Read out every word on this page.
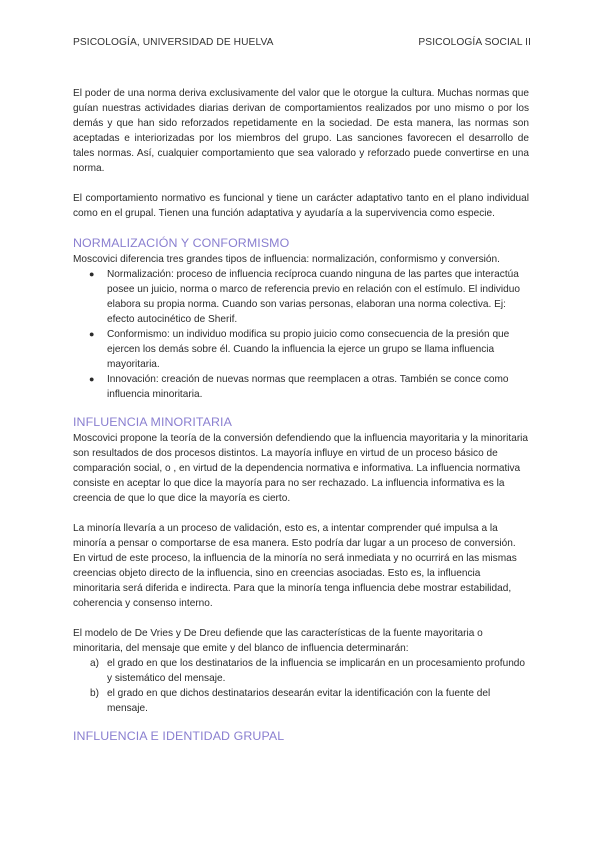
PSICOLOGÍA, UNIVERSIDAD DE HUELVA	PSICOLOGÍA SOCIAL II

El poder de una norma deriva exclusivamente del valor que le otorgue la cultura. Muchas normas que guían nuestras actividades diarias derivan de comportamientos realizados por uno mismo o por los demás y que han sido reforzados repetidamente en la sociedad. De esta manera, las normas son aceptadas e interiorizadas por los miembros del grupo. Las sanciones favorecen el desarrollo de tales normas. Así, cualquier comportamiento que sea valorado y reforzado puede convertirse en una norma.

El comportamiento normativo es funcional y tiene un carácter adaptativo tanto en el plano individual como en el grupal. Tienen una función adaptativa y ayudaría a la supervivencia como especie.

NORMALIZACIÓN Y CONFORMISMO

Moscovici diferencia tres grandes tipos de influencia: normalización, conformismo y conversión.

● Normalización: proceso de influencia recíproca cuando ninguna de las partes que interactúa posee un juicio, norma o marco de referencia previo en relación con el estímulo. El individuo elabora su propia norma. Cuando son varias personas, elaboran una norma colectiva. Ej: efecto autocinético de Sherif.
● Conformismo: un individuo modifica su propio juicio como consecuencia de la presión que ejercen los demás sobre él. Cuando la influencia la ejerce un grupo se llama influencia mayoritaria.
● Innovación: creación de nuevas normas que reemplacen a otras. También se conce como influencia minoritaria.
INFLUENCIA MINORITARIA

Moscovici propone la teoría de la conversión defendiendo que la influencia mayoritaria y la minoritaria son resultados de dos procesos distintos. La mayoría influye en virtud de un proceso básico de comparación social, o , en virtud de la dependencia normativa e informativa. La influencia normativa consiste en aceptar lo que dice la mayoría para no ser rechazado. La influencia informativa es la creencia de que lo que dice la mayoría es cierto.

La minoría llevaría a un proceso de validación, esto es, a intentar comprender qué impulsa a la minoría a pensar o comportarse de esa manera. Esto podría dar lugar a un proceso de conversión. En virtud de este proceso, la influencia de la minoría no será inmediata y no ocurrirá en las mismas creencias objeto directo de la influencia, sino en creencias asociadas. Esto es, la influencia minoritaria será diferida e indirecta. Para que la minoría tenga influencia debe mostrar estabilidad, coherencia y consenso interno.

El modelo de De Vries y De Dreu defiende que las características de la fuente mayoritaria o minoritaria, del mensaje que emite y del blanco de influencia determinarán:

a) el grado en que los destinatarios de la influencia se implicarán en un procesamiento profundo y sistemático del mensaje.
b) el grado en que dichos destinatarios desearán evitar la identificación con la fuente del mensaje.
INFLUENCIA E IDENTIDAD GRUPAL
